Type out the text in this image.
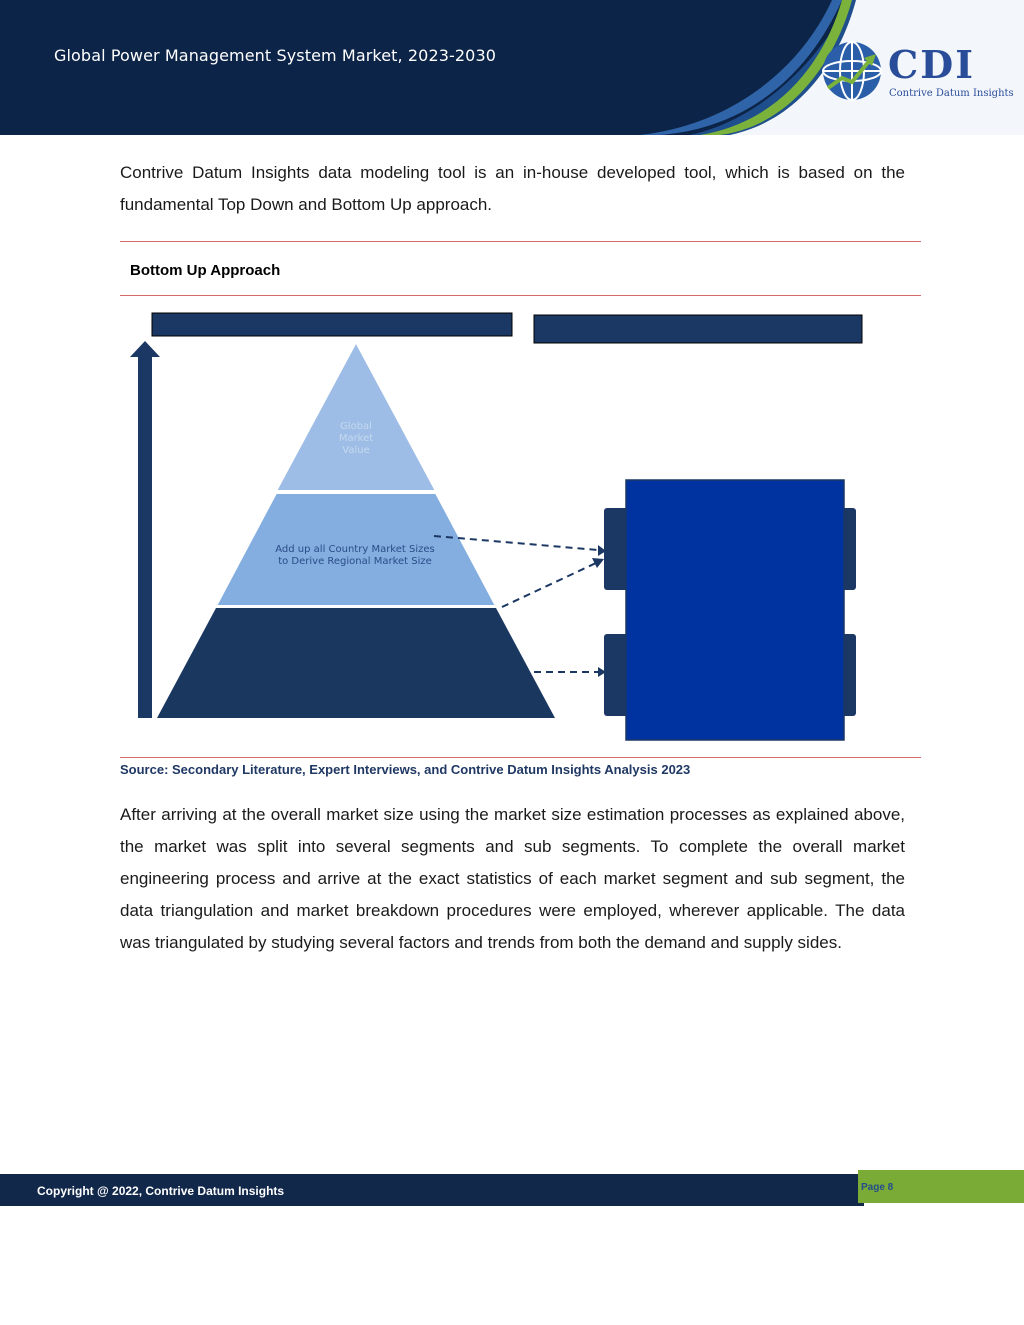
Global Power Management System Market, 2023-2030	CDI
Contrive Datum Insights

Contrive Datum Insights data modeling tool is an in-house developed tool, which is based on the fundamental Top Down and Bottom Up approach.

Bottom Up Approach
Global
Market
Value
Add up all Country Market Sizes
to Derive Regional Market Size
Source: Secondary Literature, Expert Interviews, and Contrive Datum Insights Analysis 2023

After arriving at the overall market size using the market size estimation processes as explained above, the market was split into several segments and sub segments. To complete the overall market engineering process and arrive at the exact statistics of each market segment and sub segment, the data triangulation and market breakdown procedures were employed, wherever applicable. The data was triangulated by studying several factors and trends from both the demand and supply sides.

Copyright @ 2022, Contrive Datum Insights	Page 8
